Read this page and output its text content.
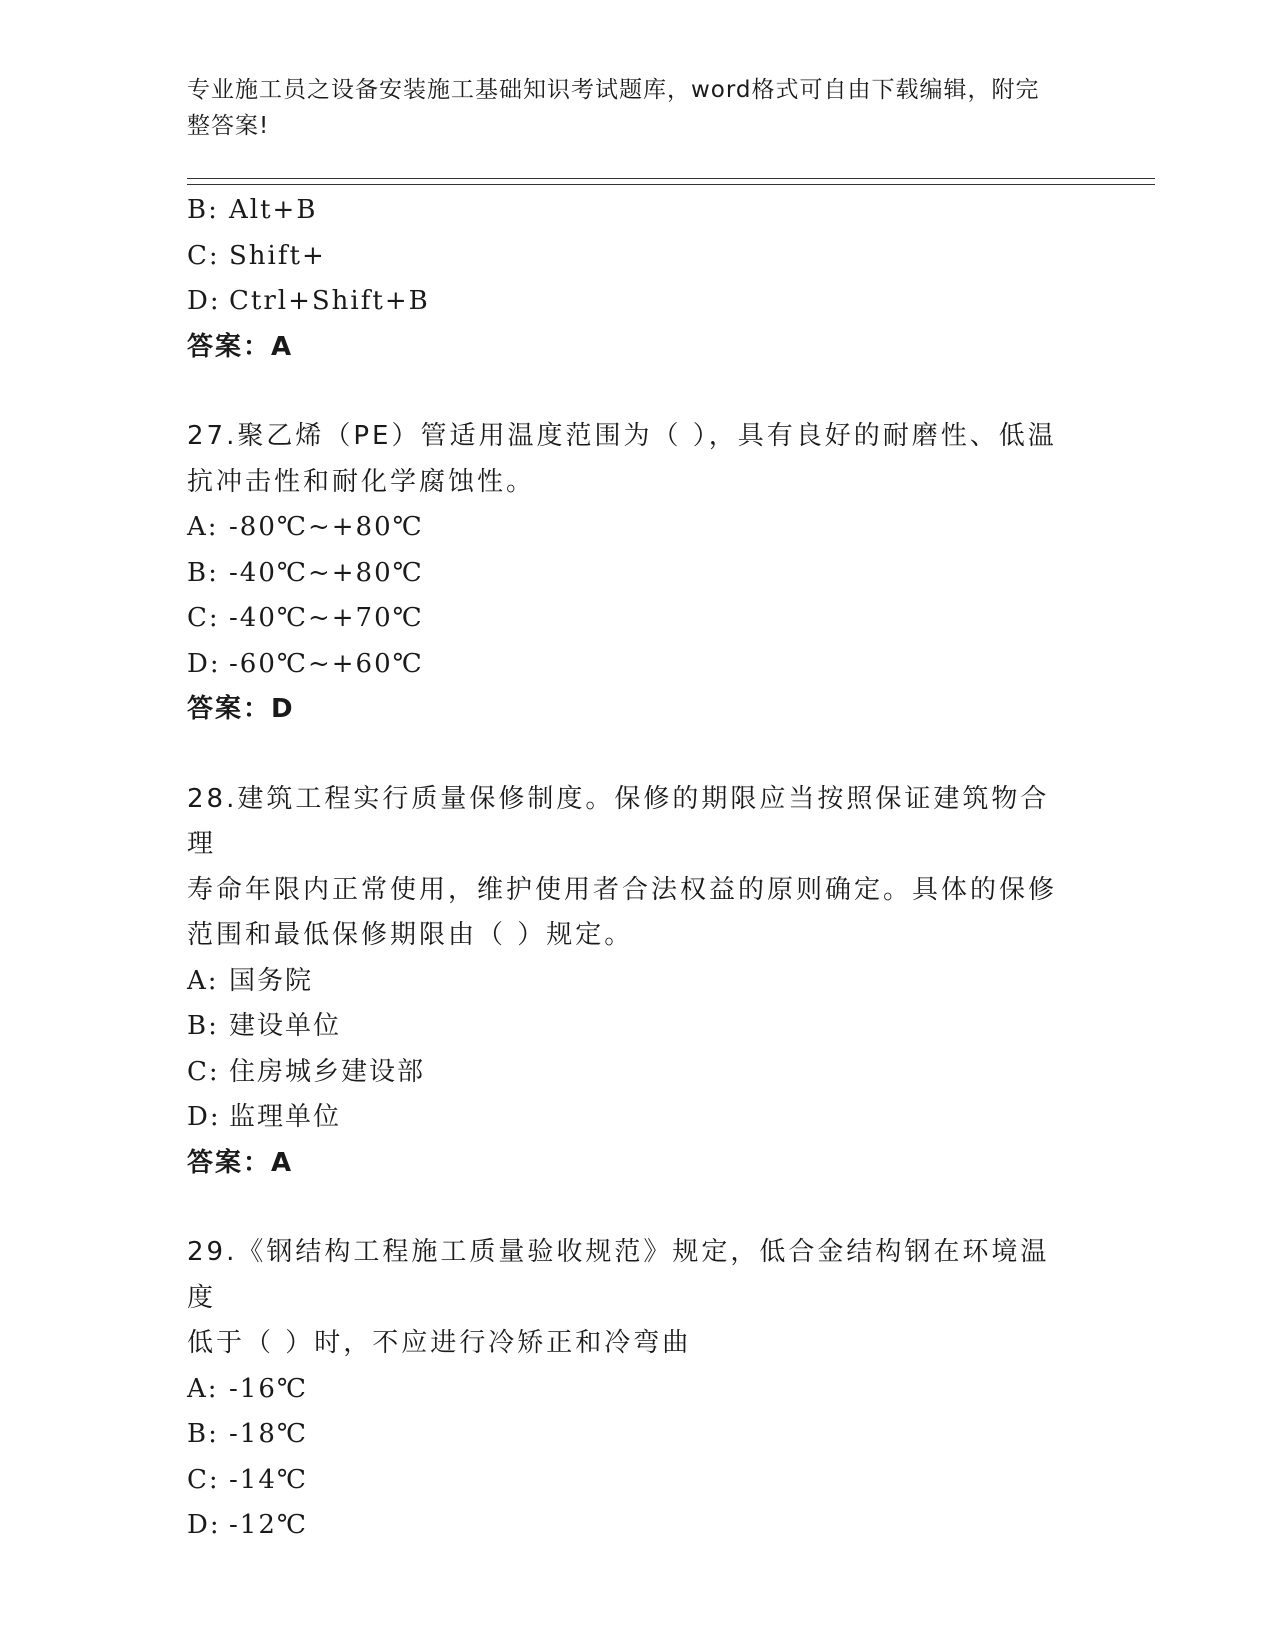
专业施工员之设备安装施工基础知识考试题库，word格式可自由下载编辑，附完
整答案!
B: Alt+B
C: Shift+
D: Ctrl+Shift+B
答案：A
27.聚乙烯（PE）管适用温度范围为（ ），具有良好的耐磨性、低温
抗冲击性和耐化学腐蚀性。
A: -80℃~+80℃
B: -40℃~+80℃
C: -40℃~+70℃
D: -60℃~+60℃
答案：D
28.建筑工程实行质量保修制度。保修的期限应当按照保证建筑物合理
寿命年限内正常使用，维护使用者合法权益的原则确定。具体的保修
范围和最低保修期限由（ ）规定。
A: 国务院
B: 建设单位
C: 住房城乡建设部
D: 监理单位
答案：A
29.《钢结构工程施工质量验收规范》规定，低合金结构钢在环境温度
低于（ ）时，不应进行冷矫正和冷弯曲
A: -16℃
B: -18℃
C: -14℃
D: -12℃
